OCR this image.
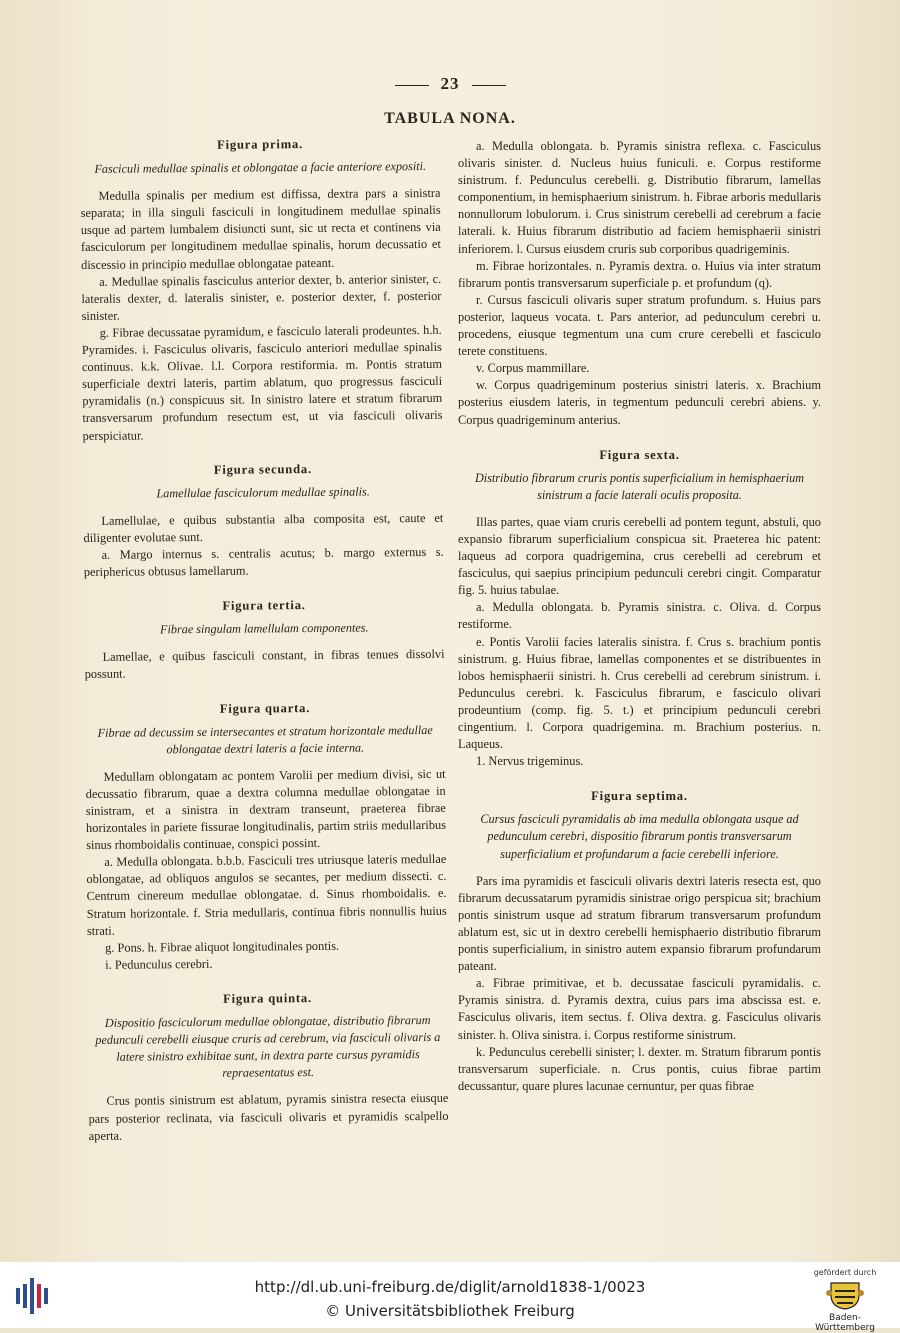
23
TABULA NONA.
Figura prima.
Fasciculi medullae spinalis et oblongatae a facie anteriore expositi.

Medulla spinalis per medium est diffissa, dextra pars a sinistra separata; in illa singuli fasciculi in longitudinem medullae spinalis usque ad partem lumbalem disiuncti sunt, sic ut recta et continens via fasciculorum per longitudinem medullae spinalis, horum decussatio et discessio in principio medullae oblongatae pateant.

a. Medullae spinalis fasciculus anterior dexter, b. anterior sinister, c. lateralis dexter, d. lateralis sinister, e. posterior dexter, f. posterior sinister.

g. Fibrae decussatae pyramidum, e fasciculo laterali prodeuntes. h.h. Pyramides. i. Fasciculus olivaris, fasciculo anteriori medullae spinalis continuus. k.k. Olivae. l.l. Corpora restiformia. m. Pontis stratum superficiale dextri lateris, partim ablatum, quo progressus fasciculi pyramidalis (n.) conspicuus sit. In sinistro latere et stratum fibrarum transversarum profundum resectum est, ut via fasciculi olivaris perspiciatur.

Figura secunda.
Lamellulae fasciculorum medullae spinalis.

Lamellulae, e quibus substantia alba composita est, caute et diligenter evolutae sunt.

a. Margo internus s. centralis acutus; b. margo externus s. periphericus obtusus lamellarum.

Figura tertia.
Fibrae singulam lamellulam componentes.

Lamellae, e quibus fasciculi constant, in fibras tenues dissolvi possunt.

Figura quarta.
Fibrae ad decussim se intersecantes et stratum horizontale medullae oblongatae dextri lateris a facie interna.

Medullam oblongatam ac pontem Varolii per medium divisi, sic ut decussatio fibrarum, quae a dextra columna medullae oblongatae in sinistram, et a sinistra in dextram transeunt, praeterea fibrae horizontales in pariete fissurae longitudinalis, partim striis medullaribus sinus rhomboidalis continuae, conspici possint.

a. Medulla oblongata. b.b.b. Fasciculi tres utriusque lateris medullae oblongatae, ad obliquos angulos se secantes, per medium dissecti. c. Centrum cinereum medullae oblongatae. d. Sinus rhomboidalis. e. Stratum horizontale. f. Stria medullaris, continua fibris nonnullis huius strati.

g. Pons. h. Fibrae aliquot longitudinales pontis.

i. Pedunculus cerebri.

Figura quinta.
Dispositio fasciculorum medullae oblongatae, distributio fibrarum pedunculi cerebelli eiusque cruris ad cerebrum, via fasciculi olivaris a latere sinistro exhibitae sunt, in dextra parte cursus pyramidis repraesentatus est.

Crus pontis sinistrum est ablatum, pyramis sinistra resecta eiusque pars posterior reclinata, via fasciculi olivaris et pyramidis scalpello aperta.

a. Medulla oblongata. b. Pyramis sinistra reflexa. c. Fasciculus olivaris sinister. d. Nucleus huius funiculi. e. Corpus restiforme sinistrum. f. Pedunculus cerebelli. g. Distributio fibrarum, lamellas componentium, in hemisphaerium sinistrum. h. Fibrae arboris medullaris nonnullorum lobulorum. i. Crus sinistrum cerebelli ad cerebrum a facie laterali. k. Huius fibrarum distributio ad faciem hemisphaerii sinistri inferiorem. l. Cursus eiusdem cruris sub corporibus quadrigeminis.

m. Fibrae horizontales. n. Pyramis dextra. o. Huius via inter stratum fibrarum pontis transversarum superficiale p. et profundum (q).

r. Cursus fasciculi olivaris super stratum profundum. s. Huius pars posterior, laqueus vocata. t. Pars anterior, ad pedunculum cerebri u. procedens, eiusque tegmentum una cum crure cerebelli et fasciculo terete constituens.

v. Corpus mammillare.

w. Corpus quadrigeminum posterius sinistri lateris. x. Brachium posterius eiusdem lateris, in tegmentum pedunculi cerebri abiens. y. Corpus quadrigeminum anterius.

Figura sexta.
Distributio fibrarum cruris pontis superficialium in hemisphaerium sinistrum a facie laterali oculis proposita.

Illas partes, quae viam cruris cerebelli ad pontem tegunt, abstuli, quo expansio fibrarum superficialium conspicua sit. Praeterea hic patent: laqueus ad corpora quadrigemina, crus cerebelli ad cerebrum et fasciculus, qui saepius principium pedunculi cerebri cingit. Comparatur fig. 5. huius tabulae.

a. Medulla oblongata. b. Pyramis sinistra. c. Oliva. d. Corpus restiforme.

e. Pontis Varolii facies lateralis sinistra. f. Crus s. brachium pontis sinistrum. g. Huius fibrae, lamellas componentes et se distribuentes in lobos hemisphaerii sinistri. h. Crus cerebelli ad cerebrum sinistrum. i. Pedunculus cerebri. k. Fasciculus fibrarum, e fasciculo olivari prodeuntium (comp. fig. 5. t.) et principium pedunculi cerebri cingentium. l. Corpora quadrigemina. m. Brachium posterius. n. Laqueus.

1. Nervus trigeminus.

Figura septima.
Cursus fasciculi pyramidalis ab ima medulla oblongata usque ad pedunculum cerebri, dispositio fibrarum pontis transversarum superficialium et profundarum a facie cerebelli inferiore.

Pars ima pyramidis et fasciculi olivaris dextri lateris resecta est, quo fibrarum decussatarum pyramidis sinistrae origo perspicua sit; brachium pontis sinistrum usque ad stratum fibrarum transversarum profundum ablatum est, sic ut in dextro cerebelli hemisphaerio distributio fibrarum pontis superficialium, in sinistro autem expansio fibrarum profundarum pateant.

a. Fibrae primitivae, et b. decussatae fasciculi pyramidalis. c. Pyramis sinistra. d. Pyramis dextra, cuius pars ima abscissa est. e. Fasciculus olivaris, item sectus. f. Oliva dextra. g. Fasciculus olivaris sinister. h. Oliva sinistra. i. Corpus restiforme sinistrum.

k. Pedunculus cerebelli sinister; l. dexter. m. Stratum fibrarum pontis transversarum superficiale. n. Crus pontis, cuius fibrae partim decussantur, quare plures lacunae cernuntur, per quas fibrae

http://dl.ub.uni-freiburg.de/diglit/arnold1838-1/0023
© Universitätsbibliothek Freiburg
gefördert durch
Baden-Württemberg
